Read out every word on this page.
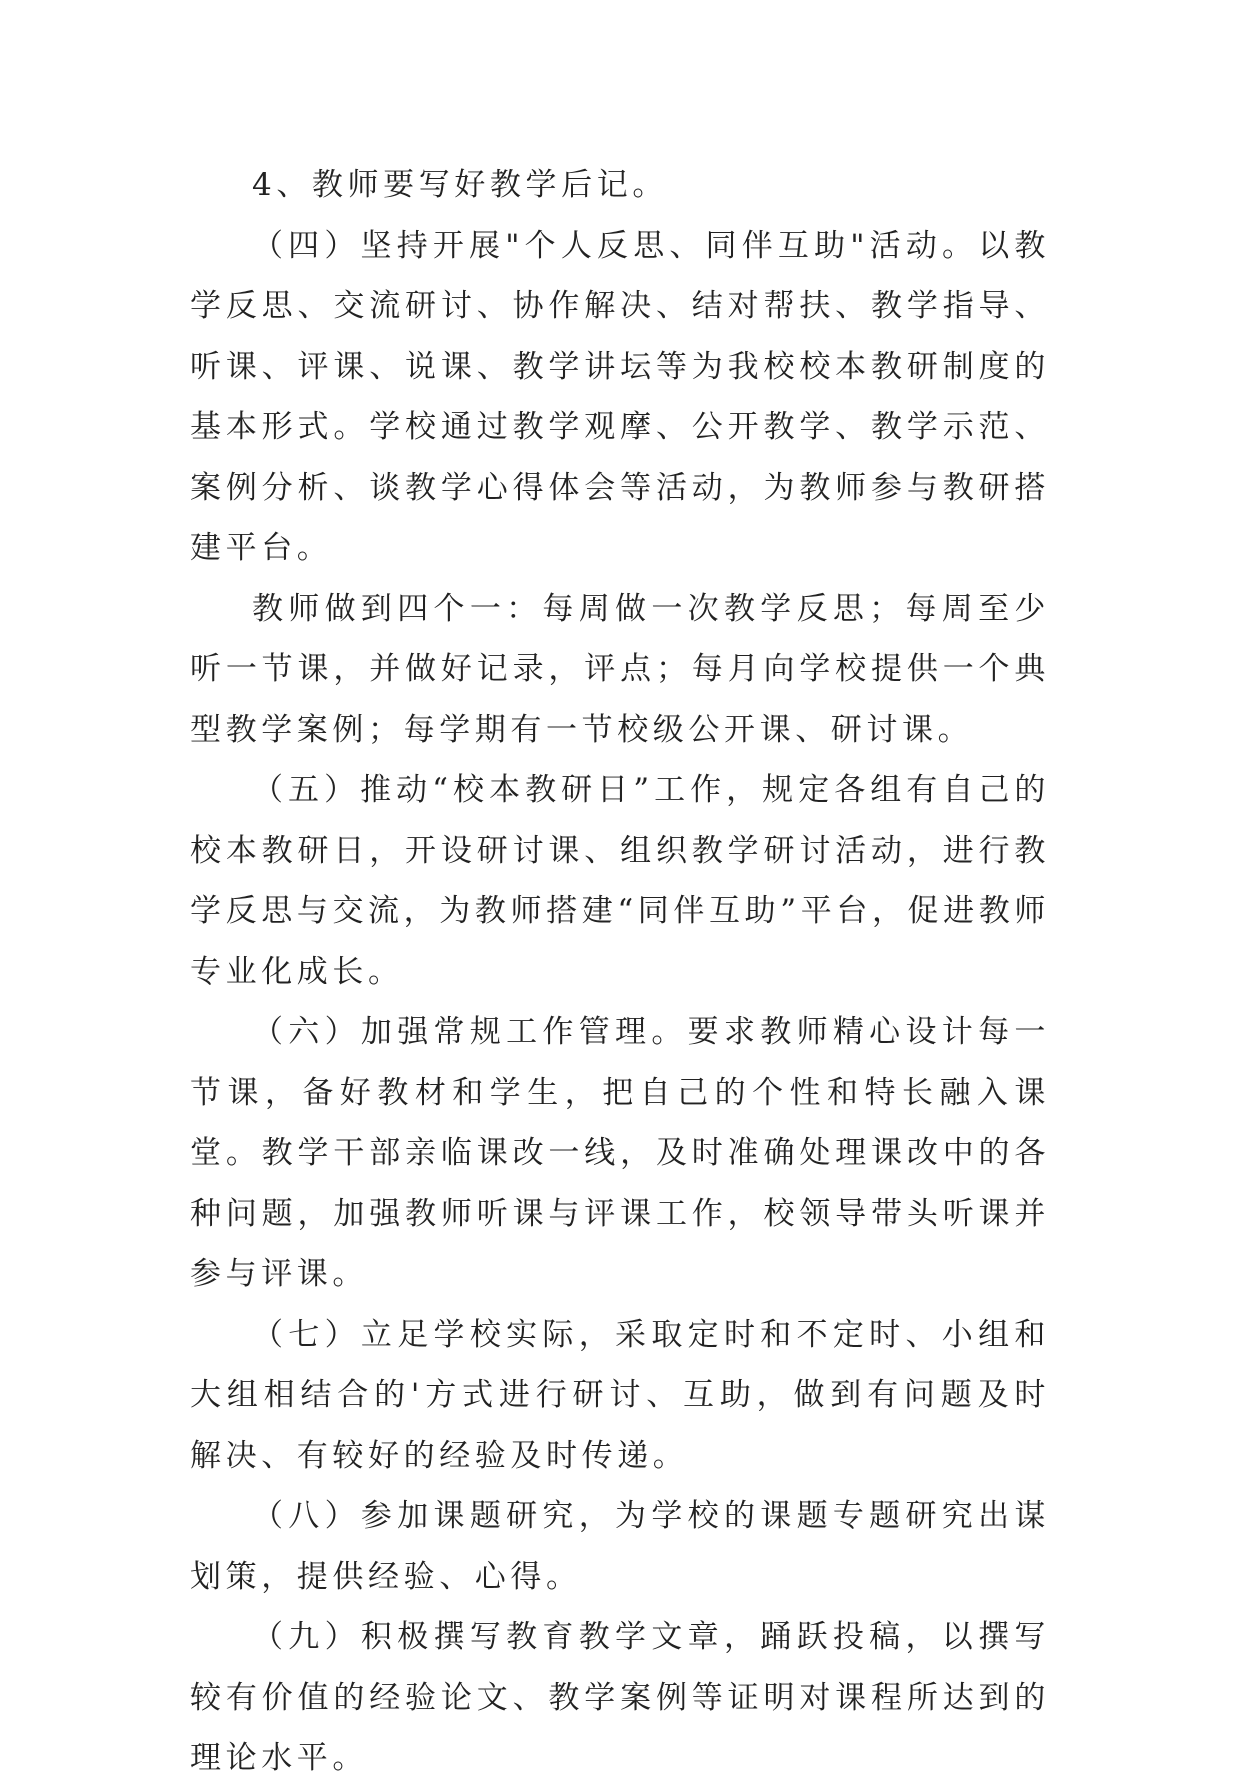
4、教师要写好教学后记。

（四）坚持开展"个人反思、同伴互助"活动。以教学反思、交流研讨、协作解决、结对帮扶、教学指导、听课、评课、说课、教学讲坛等为我校校本教研制度的基本形式。学校通过教学观摩、公开教学、教学示范、案例分析、谈教学心得体会等活动，为教师参与教研搭建平台。

教师做到四个一：每周做一次教学反思；每周至少听一节课，并做好记录，评点；每月向学校提供一个典型教学案例；每学期有一节校级公开课、研讨课。

（五）推动“校本教研日”工作，规定各组有自己的校本教研日，开设研讨课、组织教学研讨活动，进行教学反思与交流，为教师搭建“同伴互助”平台，促进教师专业化成长。

（六）加强常规工作管理。要求教师精心设计每一节课，备好教材和学生，把自己的个性和特长融入课堂。教学干部亲临课改一线，及时准确处理课改中的各种问题，加强教师听课与评课工作，校领导带头听课并参与评课。

（七）立足学校实际，采取定时和不定时、小组和大组相结合的'方式进行研讨、互助，做到有问题及时解决、有较好的经验及时传递。

（八）参加课题研究，为学校的课题专题研究出谋划策，提供经验、心得。

（九）积极撰写教育教学文章，踊跃投稿，以撰写较有价值的经验论文、教学案例等证明对课程所达到的理论水平。
